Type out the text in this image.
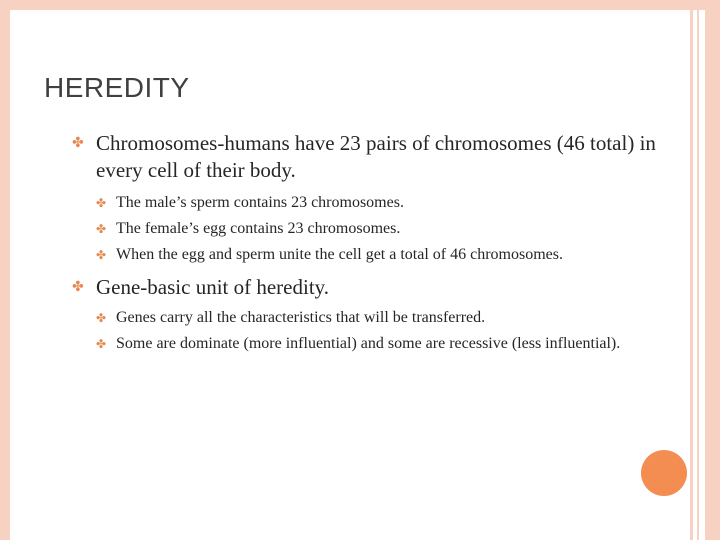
HEREDITY
✤ Chromosomes-humans have 23 pairs of chromosomes (46 total) in every cell of their body.
✤ The male’s sperm contains 23 chromosomes.
✤ The female’s egg contains 23 chromosomes.
✤ When the egg and sperm unite the cell get a total of 46 chromosomes.
✤ Gene-basic unit of heredity.
✤ Genes carry all the characteristics that will be transferred.
✤ Some are dominate (more influential) and some are recessive (less influential).
